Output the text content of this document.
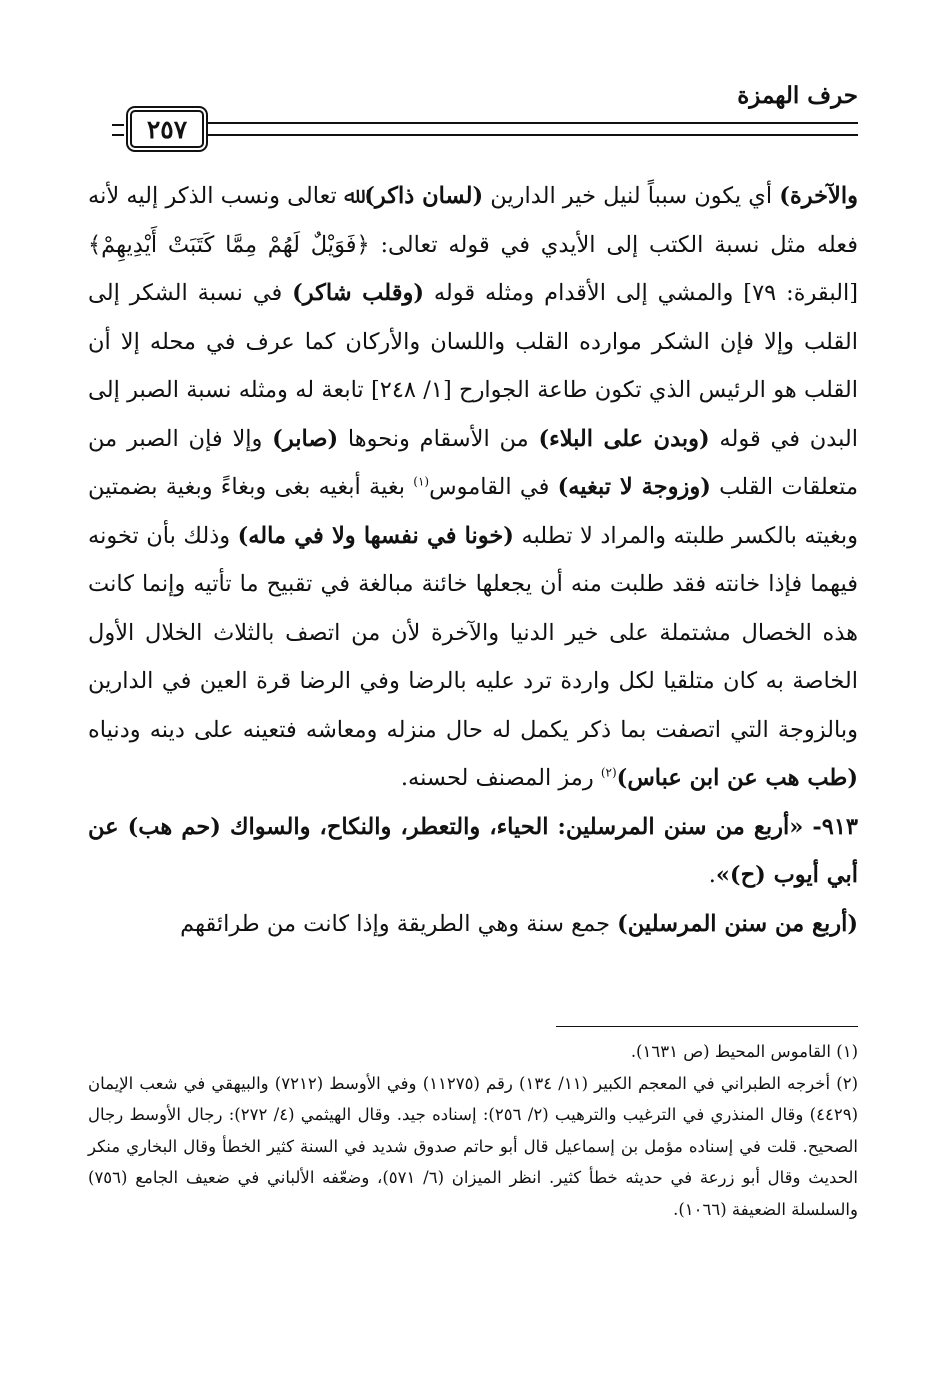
حرف الهمزة
٢٥٧

والآخرة) أي يكون سبباً لنيل خير الدارين (لسان ذاكر) ﷲ تعالى ونسب الذكر إليه لأنه فعله مثل نسبة الكتب إلى الأيدي في قوله تعالى: ﴿فَوَيْلٌ لَهُمْ مِمَّا كَتَبَتْ أَيْدِيهِمْ﴾ [البقرة: ٧٩] والمشي إلى الأقدام ومثله قوله (وقلب شاكر) في نسبة الشكر إلى القلب وإلا فإن الشكر موارده القلب واللسان والأركان كما عرف في محله إلا أن القلب هو الرئيس الذي تكون طاعة الجوارح [١/ ٢٤٨] تابعة له ومثله نسبة الصبر إلى البدن في قوله (وبدن على البلاء) من الأسقام ونحوها (صابر) وإلا فإن الصبر من متعلقات القلب (وزوجة لا تبغيه) في القاموس$^{(١)}$ بغية أبغيه بغى وبغاءً وبغية بضمتين وبغيته بالكسر طلبته والمراد لا تطلبه (خونا في نفسها ولا في ماله) وذلك بأن تخونه فيهما فإذا خانته فقد طلبت منه أن يجعلها خائنة مبالغة في تقبيح ما تأتيه وإنما كانت هذه الخصال مشتملة على خير الدنيا والآخرة لأن من اتصف بالثلاث الخلال الأول الخاصة به كان متلقيا لكل واردة ترد عليه بالرضا وفي الرضا قرة العين في الدارين وبالزوجة التي اتصفت بما ذكر يكمل له حال منزله ومعاشه فتعينه على دينه ودنياه (طب هب عن ابن عباس)$^{(٢)}$ رمز المصنف لحسنه.

٩١٣- «أربع من سنن المرسلين: الحياء، والتعطر، والنكاح، والسواك (حم هب) عن أبي أيوب (ح)».

(أربع من سنن المرسلين) جمع سنة وهي الطريقة وإذا كانت من طرائقهم

(١) القاموس المحيط (ص ١٦٣١).

(٢) أخرجه الطبراني في المعجم الكبير (١١/ ١٣٤) رقم (١١٢٧٥) وفي الأوسط (٧٢١٢) والبيهقي في شعب الإيمان (٤٤٢٩) وقال المنذري في الترغيب والترهيب (٢/ ٢٥٦): إسناده جيد. وقال الهيثمي (٤/ ٢٧٢): رجال الأوسط رجال الصحيح. قلت في إسناده مؤمل بن إسماعيل قال أبو حاتم صدوق شديد في السنة كثير الخطأ وقال البخاري منكر الحديث وقال أبو زرعة في حديثه خطأ كثير. انظر الميزان (٦/ ٥٧١)، وضعّفه الألباني في ضعيف الجامع (٧٥٦) والسلسلة الضعيفة (١٠٦٦).
